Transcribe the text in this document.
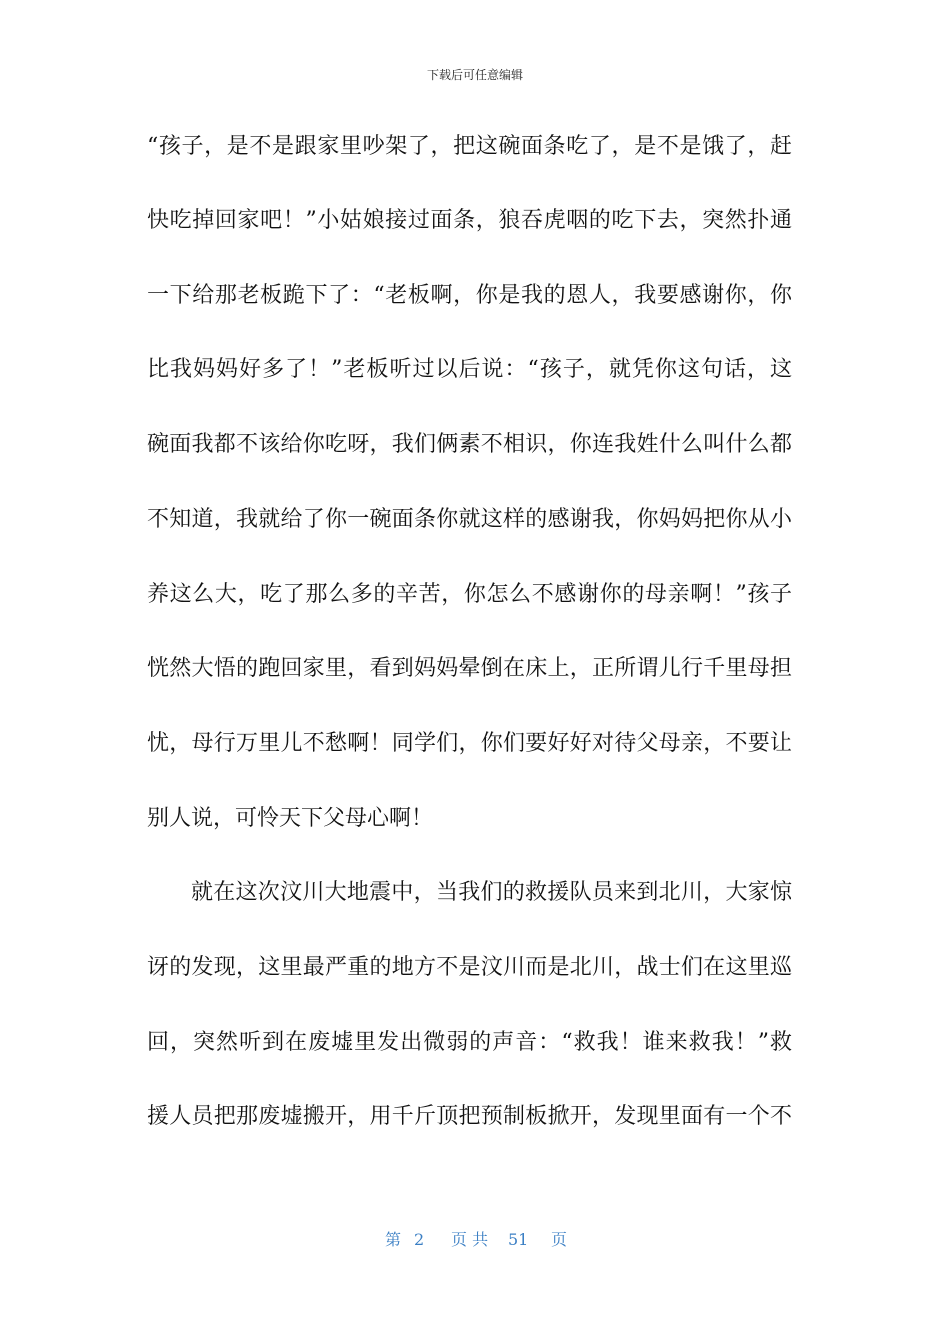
下载后可任意编辑
“孩子，是不是跟家里吵架了，把这碗面条吃了，是不是饿了，赶
快吃掉回家吧！”小姑娘接过面条，狼吞虎咽的吃下去，突然扑通
一下给那老板跪下了：“老板啊，你是我的恩人，我要感谢你，你
比我妈妈好多了！”老板听过以后说：“孩子，就凭你这句话，这
碗面我都不该给你吃呀，我们俩素不相识，你连我姓什么叫什么都
不知道，我就给了你一碗面条你就这样的感谢我，你妈妈把你从小
养这么大，吃了那么多的辛苦，你怎么不感谢你的母亲啊！”孩子
恍然大悟的跑回家里，看到妈妈晕倒在床上，正所谓儿行千里母担
忧，母行万里儿不愁啊！同学们，你们要好好对待父母亲，不要让
别人说，可怜天下父母心啊！
就在这次汶川大地震中，当我们的救援队员来到北川，大家惊
讶的发现，这里最严重的地方不是汶川而是北川，战士们在这里巡
回，突然听到在废墟里发出微弱的声音：“救我！谁来救我！”救
援人员把那废墟搬开，用千斤顶把预制板掀开，发现里面有一个不
第 2 页 共 51 页
